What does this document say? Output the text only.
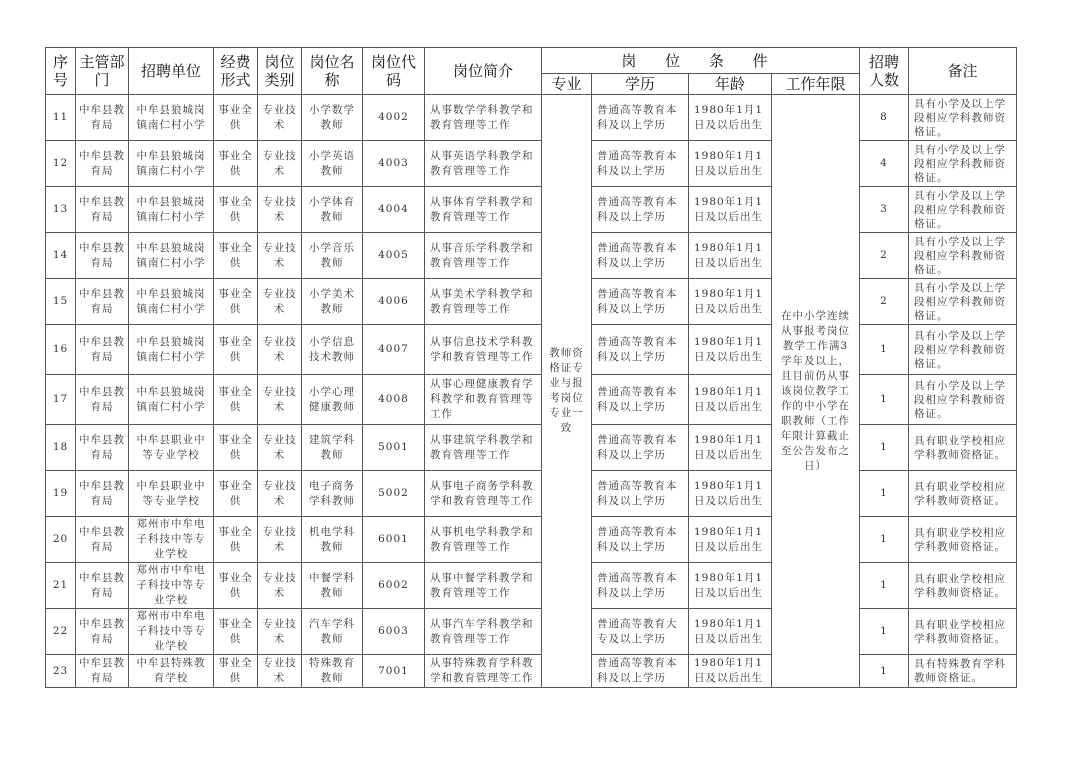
序号	主管部门	招聘单位	经费形式	岗位类别	岗位名称	岗位代码	岗位简介	岗 位 条 件				招聘人数	备注
								专业	学历	年龄	工作年限		
11	中牟县教育局	中牟县狼城岗镇南仁村小学	事业全供	专业技术	小学数学教师	4002	从事数学学科教学和教育管理等工作	教师资格证专业与报考岗位专业一致	普通高等教育本科及以上学历	1980年1月1日及以后出生	在中小学连续从事报考岗位教学工作满3学年及以上，且目前仍从事该岗位教学工作的中小学在职教师（工作年限计算截止至公告发布之日）	8	具有小学及以上学段相应学科教师资格证。
12	中牟县教育局	中牟县狼城岗镇南仁村小学	事业全供	专业技术	小学英语教师	4003	从事英语学科教学和教育管理等工作		普通高等教育本科及以上学历	1980年1月1日及以后出生		4	具有小学及以上学段相应学科教师资格证。
13	中牟县教育局	中牟县狼城岗镇南仁村小学	事业全供	专业技术	小学体育教师	4004	从事体育学科教学和教育管理等工作		普通高等教育本科及以上学历	1980年1月1日及以后出生		3	具有小学及以上学段相应学科教师资格证。
14	中牟县教育局	中牟县狼城岗镇南仁村小学	事业全供	专业技术	小学音乐教师	4005	从事音乐学科教学和教育管理等工作		普通高等教育本科及以上学历	1980年1月1日及以后出生		2	具有小学及以上学段相应学科教师资格证。
15	中牟县教育局	中牟县狼城岗镇南仁村小学	事业全供	专业技术	小学美术教师	4006	从事美术学科教学和教育管理等工作		普通高等教育本科及以上学历	1980年1月1日及以后出生		2	具有小学及以上学段相应学科教师资格证。
16	中牟县教育局	中牟县狼城岗镇南仁村小学	事业全供	专业技术	小学信息技术教师	4007	从事信息技术学科教学和教育管理等工作		普通高等教育本科及以上学历	1980年1月1日及以后出生		1	具有小学及以上学段相应学科教师资格证。
17	中牟县教育局	中牟县狼城岗镇南仁村小学	事业全供	专业技术	小学心理健康教师	4008	从事心理健康教育学科教学和教育管理等工作		普通高等教育本科及以上学历	1980年1月1日及以后出生		1	具有小学及以上学段相应学科教师资格证。
18	中牟县教育局	中牟县职业中等专业学校	事业全供	专业技术	建筑学科教师	5001	从事建筑学科教学和教育管理等工作		普通高等教育本科及以上学历	1980年1月1日及以后出生		1	具有职业学校相应学科教师资格证。
19	中牟县教育局	中牟县职业中等专业学校	事业全供	专业技术	电子商务学科教师	5002	从事电子商务学科教学和教育管理等工作		普通高等教育本科及以上学历	1980年1月1日及以后出生		1	具有职业学校相应学科教师资格证。
20	中牟县教育局	郑州市中牟电子科技中等专业学校	事业全供	专业技术	机电学科教师	6001	从事机电学科教学和教育管理等工作		普通高等教育本科及以上学历	1980年1月1日及以后出生		1	具有职业学校相应学科教师资格证。
21	中牟县教育局	郑州市中牟电子科技中等专业学校	事业全供	专业技术	中餐学科教师	6002	从事中餐学科教学和教育管理等工作		普通高等教育本科及以上学历	1980年1月1日及以后出生		1	具有职业学校相应学科教师资格证。
22	中牟县教育局	郑州市中牟电子科技中等专业学校	事业全供	专业技术	汽车学科教师	6003	从事汽车学科教学和教育管理等工作		普通高等教育大专及以上学历	1980年1月1日及以后出生		1	具有职业学校相应学科教师资格证。
23	中牟县教育局	中牟县特殊教育学校	事业全供	专业技术	特殊教育教师	7001	从事特殊教育学科教学和教育管理等工作		普通高等教育本科及以上学历	1980年1月1日及以后出生		1	具有特殊教育学科教师资格证。
